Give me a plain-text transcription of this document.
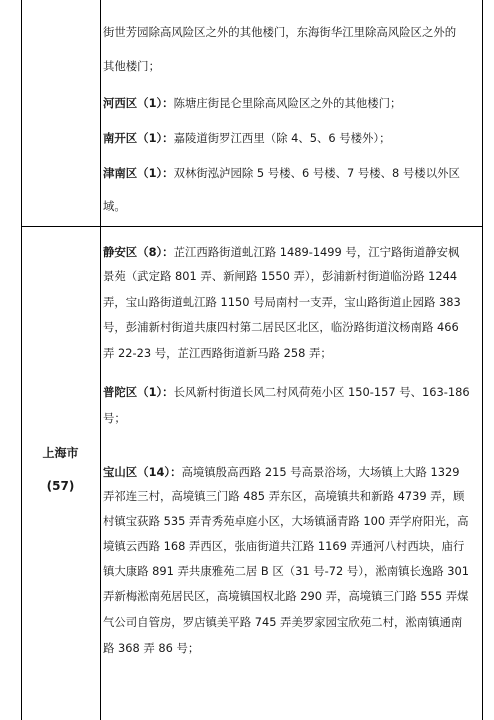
街世芳园除高风险区之外的其他楼门，东海街华江里除高风险区之外的
其他楼门；
河西区（1）：陈塘庄街昆仑里除高风险区之外的其他楼门；
南开区（1）：嘉陵道街罗江西里（除 4、5、6 号楼外）；
津南区（1）：双林街泓泸园除 5 号楼、6 号楼、7 号楼、8 号楼以外区
域。
上海市
(57)
静安区（8）：芷江西路街道虬江路 1489-1499 号，江宁路街道静安枫
景苑（武定路 801 弄、新闸路 1550 弄），彭浦新村街道临汾路 1244
弄，宝山路街道虬江路 1150 号局南村一支弄，宝山路街道止园路 383
号，彭浦新村街道共康四村第二居民区北区，临汾路街道汶杨南路 466
弄 22-23 号，芷江西路街道新马路 258 弄；
普陀区（1）：长风新村街道长风二村风荷苑小区 150-157 号、163-186
号；
宝山区（14）：高境镇殷高西路 215 号高景浴场，大场镇上大路 1329
弄祁连三村，高境镇三门路 485 弄东区，高境镇共和新路 4739 弄，顾
村镇宝荻路 535 弄青秀苑卓庭小区，大场镇涵青路 100 弄学府阳光，高
境镇云西路 168 弄西区，张庙街道共江路 1169 弄通河八村西块，庙行
镇大康路 891 弄共康雅苑二居 B 区（31 号-72 号），淞南镇长逸路 301
弄新梅淞南苑居民区，高境镇国权北路 290 弄，高境镇三门路 555 弄煤
气公司自管房，罗店镇美平路 745 弄美罗家园宝欣苑二村，淞南镇通南
路 368 弄 86 号；
